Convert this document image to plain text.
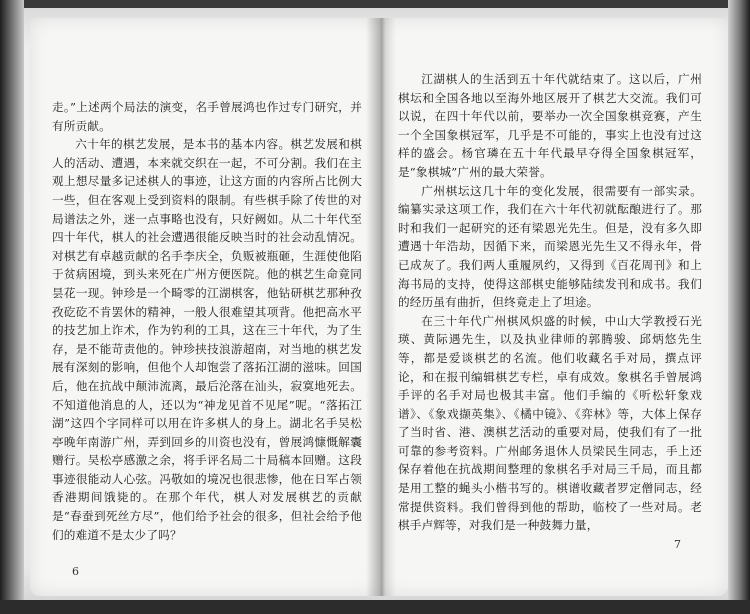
走。”上述两个局法的演变，名手曾展鸿也作过专门研究，并有所贡献。

六十年的棋艺发展，是本书的基本内容。棋艺发展和棋人的活动、遭遇，本来就交织在一起，不可分割。我们在主观上想尽量多记述棋人的事迹，让这方面的内容所占比例大一些，但在客观上受到资料的限制。有些棋手除了传世的对局谱法之外，迷一点事略也没有，只好阙如。从二十年代至四十年代，棋人的社会遭遇很能反映当时的社会动乱情况。对棋艺有卓越贡献的名手李庆全，负贩被瓶砸，生涯使他陷于贫病困境，到头来死在广州方便医院。他的棋艺生命竟同昙花一现。钟珍是一个畸零的江湖棋客，他钻研棋艺那种孜孜矻矻不肯罢休的精神，一般人很难望其项背。他把高水平的技艺加上诈术，作为钓利的工具，这在三十年代，为了生存，是不能苛责他的。钟珍挟技浪游超南，对当地的棋艺发展有深刻的影响，但他个人却饱尝了落拓江湖的滋味。回国后，他在抗战中颠沛流离，最后沦落在汕头，寂寞地死去。不知道他消息的人，还以为“神龙见首不见尾”呢。“落拓江湖”这四个字同样可以用在许多棋人的身上。湖北名手吴松亭晚年南游广州，弄到回乡的川资也没有，曾展鸿慷慨解囊赠行。吴松亭感激之余，将手评名局二十局稿本回赠。这段事迹很能动人心弦。冯敬如的境况也很悲惨，他在日军占领香港期间饿毙的。在那个年代，棋人对发展棋艺的贡献是“春蚕到死丝方尽”，他们给予社会的很多，但社会给予他们的难道不是太少了吗？

6

江湖棋人的生活到五十年代就结束了。这以后，广州棋坛和全国各地以至海外地区展开了棋艺大交流。我们可以说，在四十年代以前，要举办一次全国象棋竞赛，产生一个全国象棋冠军，几乎是不可能的，事实上也没有过这样的盛会。杨官璘在五十年代最早夺得全国象棋冠军，是“象棋城”广州的最大荣誉。

广州棋坛这几十年的变化发展，很需要有一部实录。编纂实录这项工作，我们在六十年代初就酝酿进行了。那时和我们一起研究的还有梁恩光先生。但是，没有多久即遭遇十年浩劫，因循下来，而梁恩光先生又不得永年，骨已成灰了。我们两人重履夙约，又得到《百花周刊》和上海书局的支持，使得这部棋史能够陆续发刊和成书。我们的经历虽有曲折，但终竟走上了坦途。

在三十年代广州棋风炽盛的时候，中山大学教授石光瑛、黄际遇先生，以及执业律师的郭腾骏、邱炳悠先生等，都是爱谈棋艺的名流。他们收藏名手对局，撰点评论，和在报刊编辑棋艺专栏，卓有成效。象棋名手曾展鸿手评的名手对局也极其丰富。他们手编的《听松轩象戏谱》、《象戏撷英集》、《橘中镜》、《弈林》等，大体上保存了当时省、港、澳棋艺活动的重要对局，使我们有了一批可靠的参考资料。广州邮务退休人员梁民生同志，手上还保存着他在抗战期间整理的象棋名手对局三千局，而且都是用工整的蝇头小楷书写的。棋谱收藏者罗定僧同志，经常提供资料。我们曾得到他的帮助，临校了一些对局。老棋手卢辉等，对我们是一种鼓舞力量，

7
